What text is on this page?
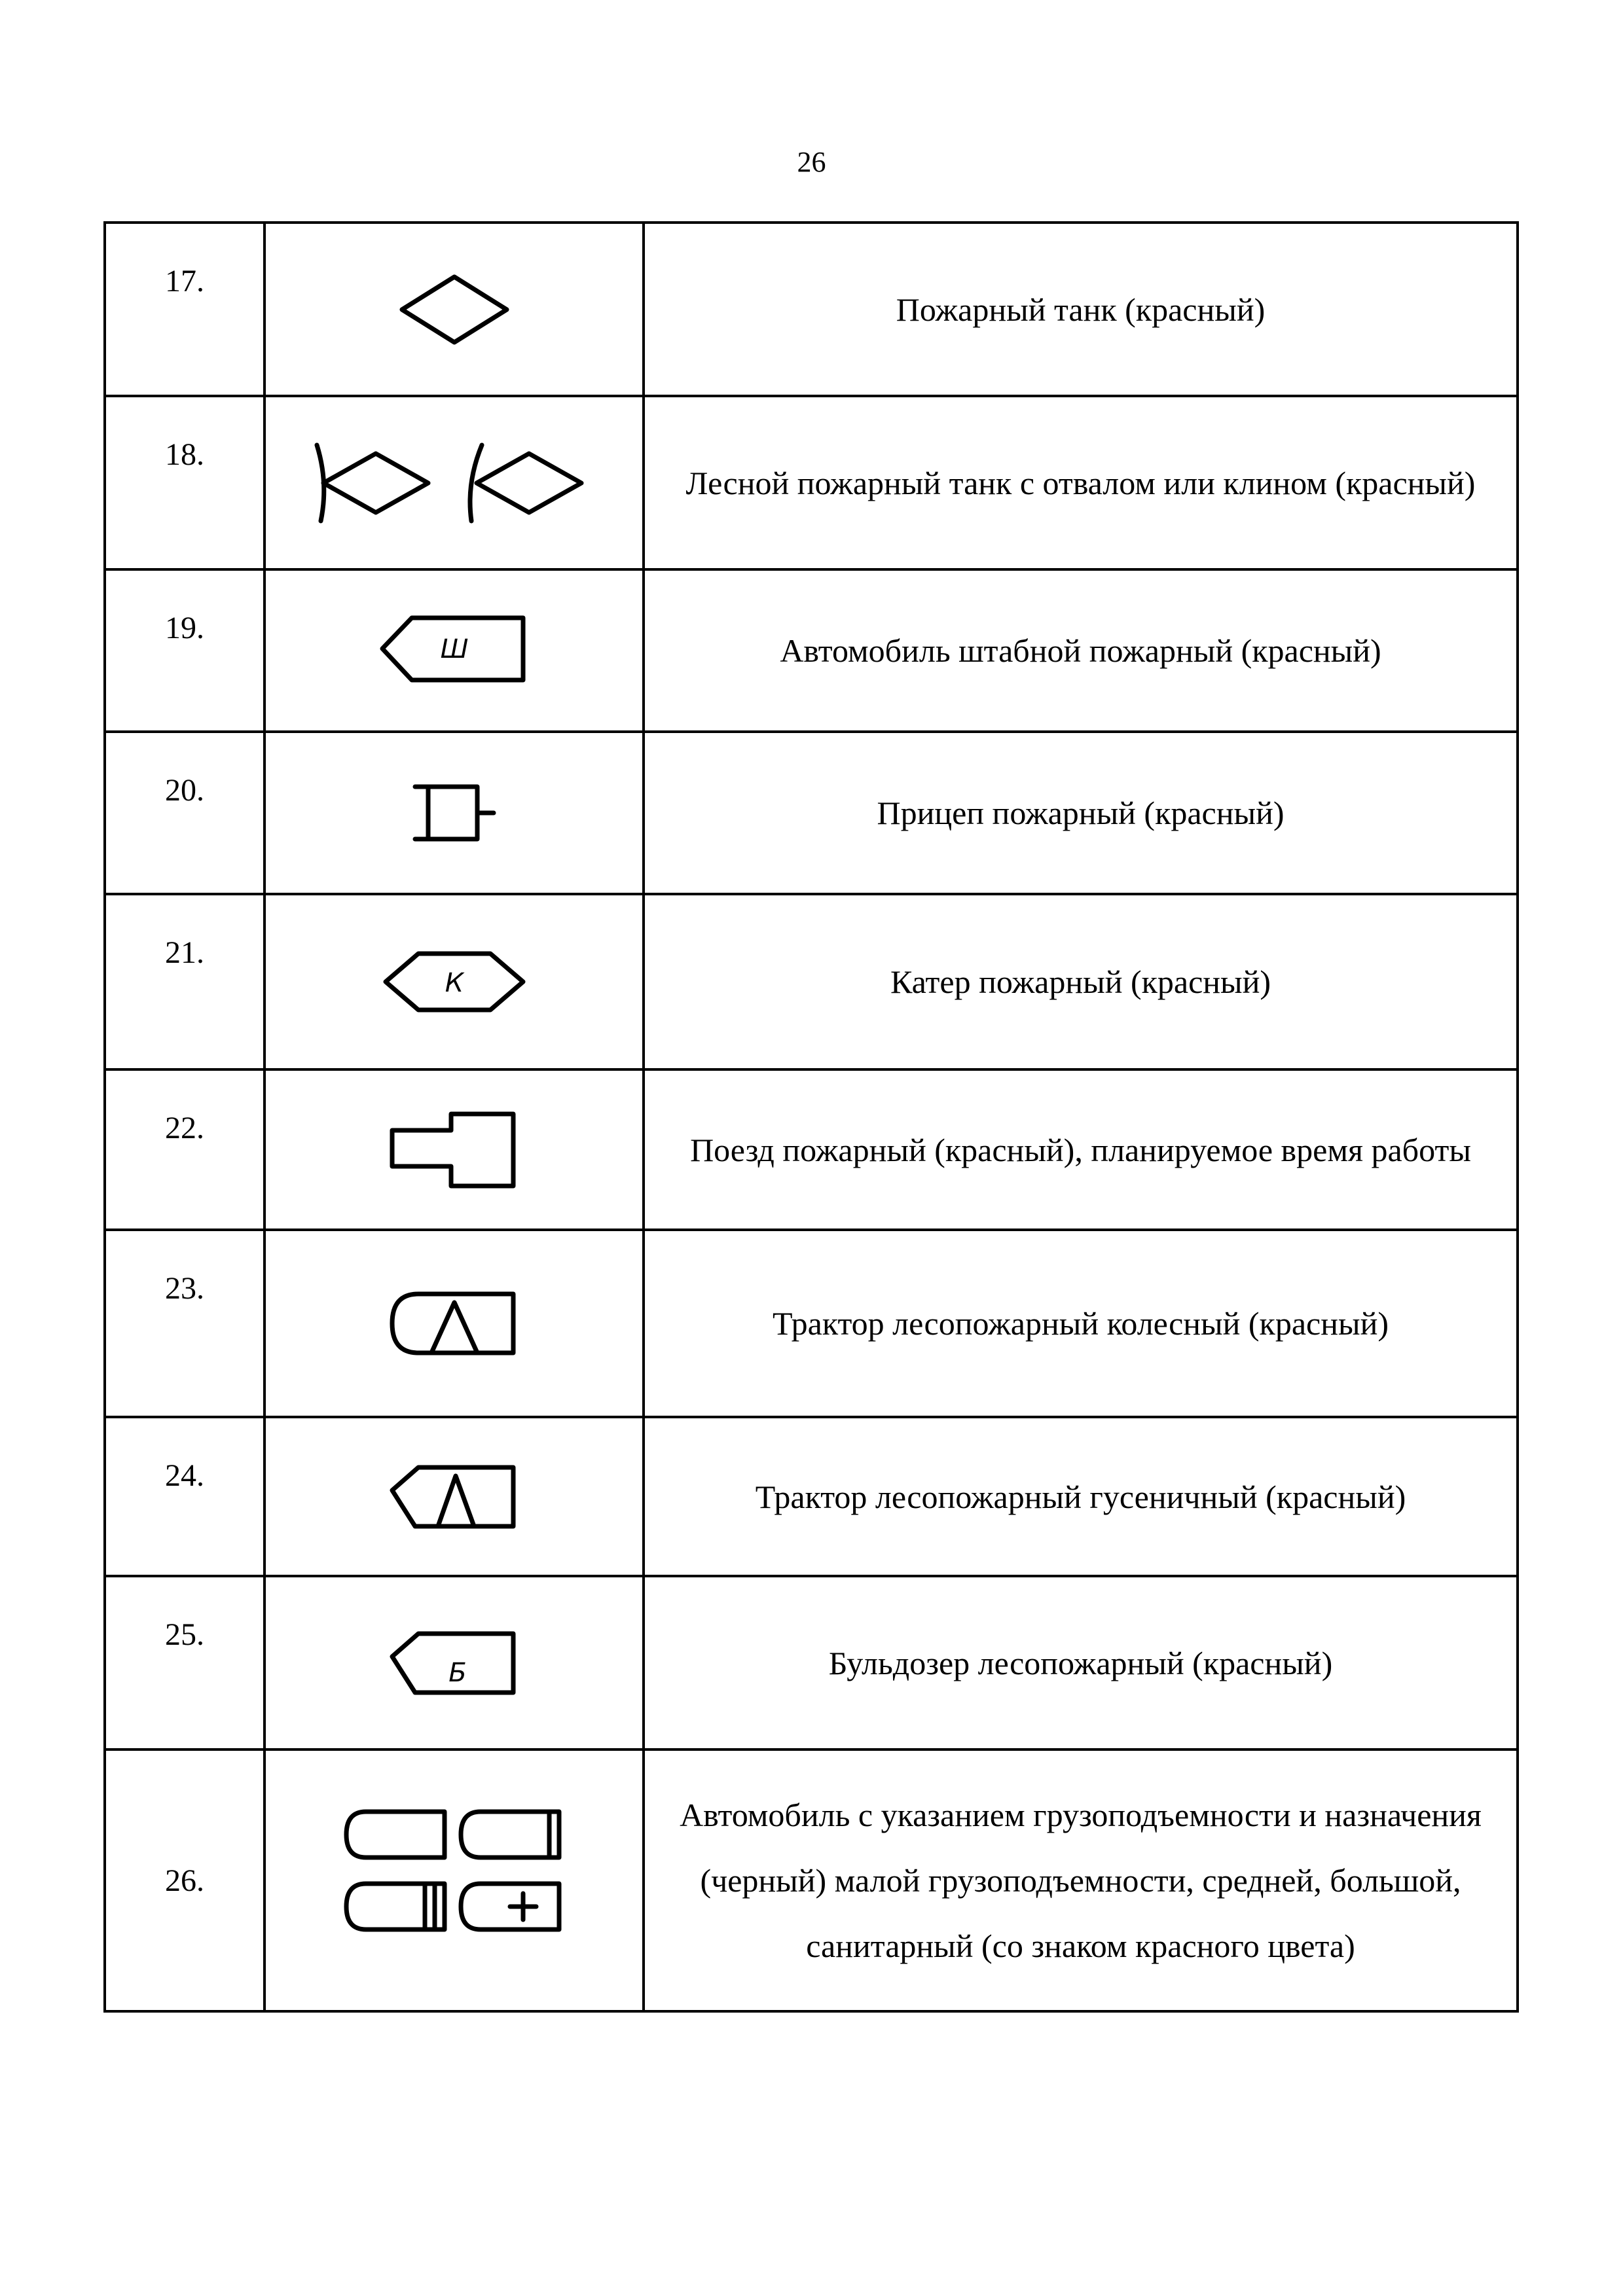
26
17.		Пожарный танк (красный)
18.		Лесной пожарный танк с отвалом или клином (красный)
19.	Ш	Автомобиль штабной пожарный (красный)
20.		Прицеп пожарный (красный)
21.	К	Катер пожарный (красный)
22.		Поезд пожарный (красный), планируемое время работы
23.		Трактор лесопожарный колесный (красный)
24.		Трактор лесопожарный гусеничный (красный)
25.	Б	Бульдозер лесопожарный (красный)
26.		Автомобиль с указанием грузоподъемности и назначения (черный) малой грузоподъемности, средней, большой, санитарный (со знаком красного цвета)
